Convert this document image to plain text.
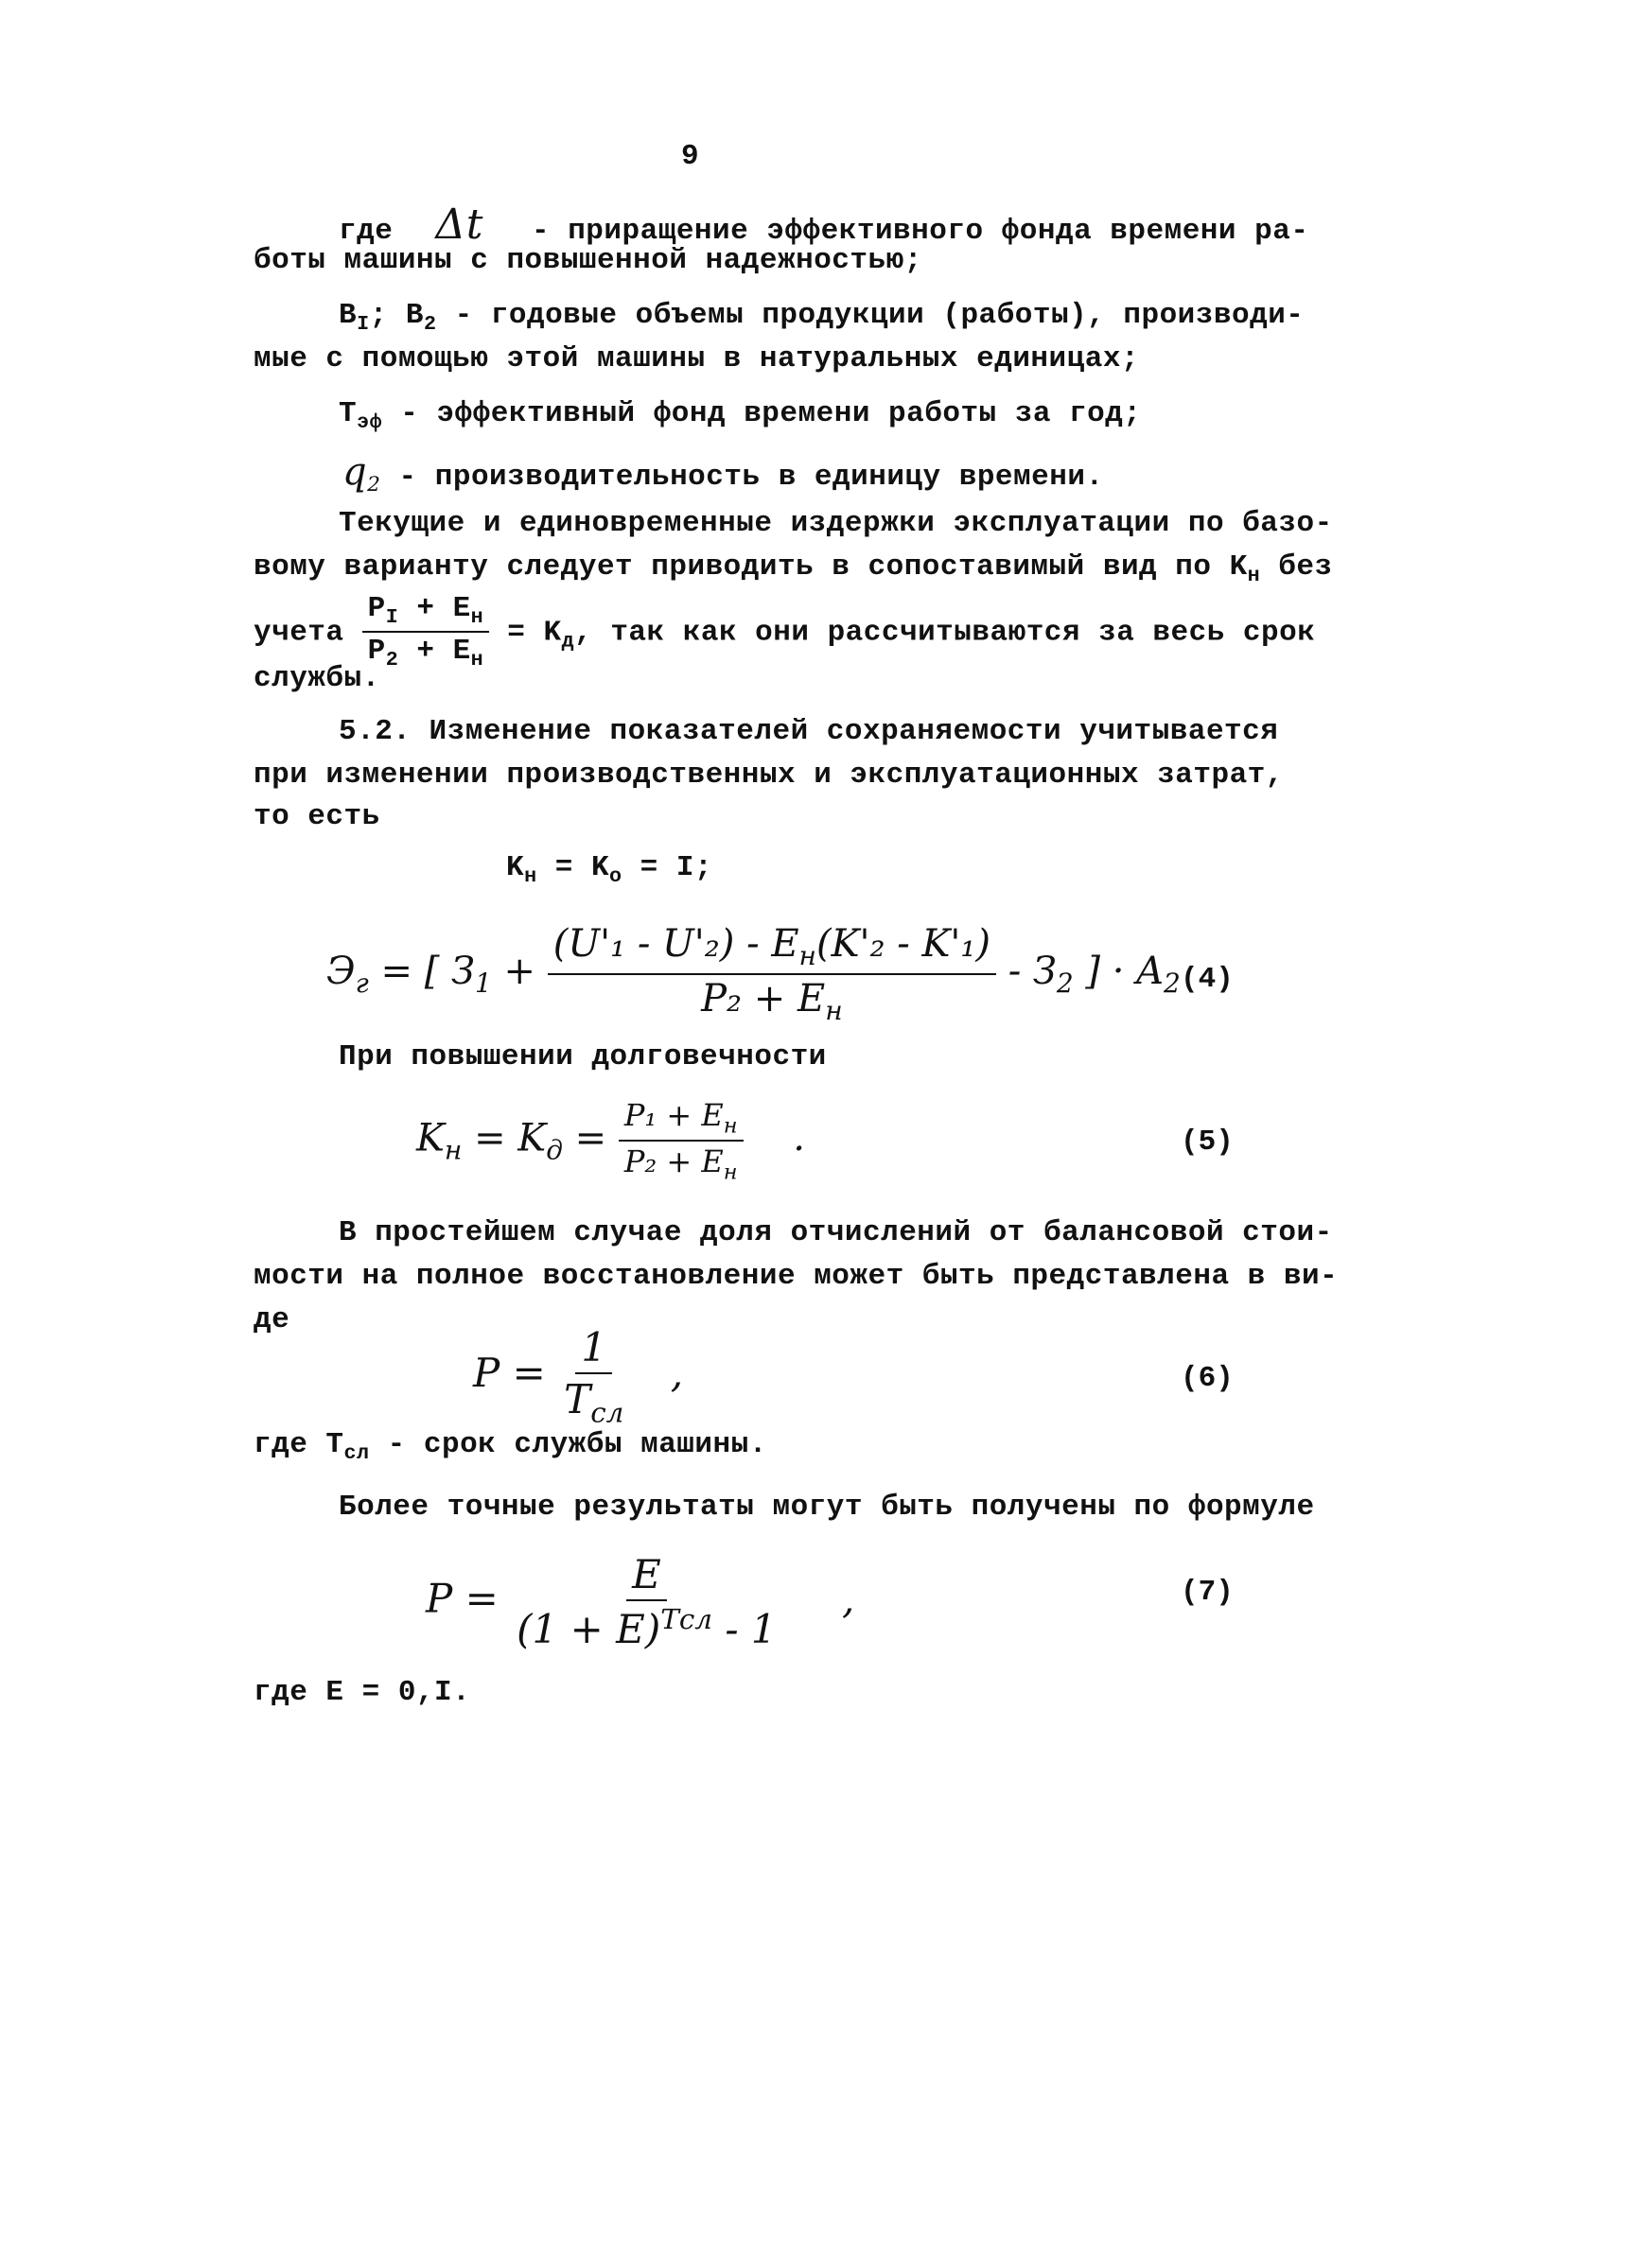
9
где Δt - приращение эффективного фонда времени ра-
боты машины с повышенной надежностью;
$B_I$; $B_2$ - годовые объемы продукции (работы), производи-
мые с помощью этой машины в натуральных единицах;
$T_{эф}$ - эффективный фонд времени работы за год;
$q_2$ - производительность в единицу времени.
Текущие и единовременные издержки эксплуатации по базо-
вому варианту следует приводить в сопоставимый вид по $K_н$ без
учета $\frac{P_I + E_н}{P_2 + E_н} = K_д$, так как они рассчитываются за весь срок
службы.
5.2. Изменение показателей сохраняемости учитывается
при изменении производственных и эксплуатационных затрат,
то есть
$K_н = K_о = I$;
$Э_г$ = [ $З_1 + \frac{(U'_1 - U'_2) - E_н(K'_2 - K'_1)}{P_2 + E_н} - З_2$ ] · $A_2$ (4)
При повышении долговечности
$K_н = K_д = \frac{P_1 + E_н}{P_2 + E_н}$ .	(5)
В простейшем случае доля отчислений от балансовой стои-
мости на полное восстановление может быть представлена в ви-
де
$P = \frac{1}{T_{сл}}$ ,	(6)
где $T_{сл}$ - срок службы машины.
Более точные результаты могут быть получены по формуле
$P = \frac{E}{(1 + E)^{Тсл} - 1}$ ,	(7)
где E = 0,I.
